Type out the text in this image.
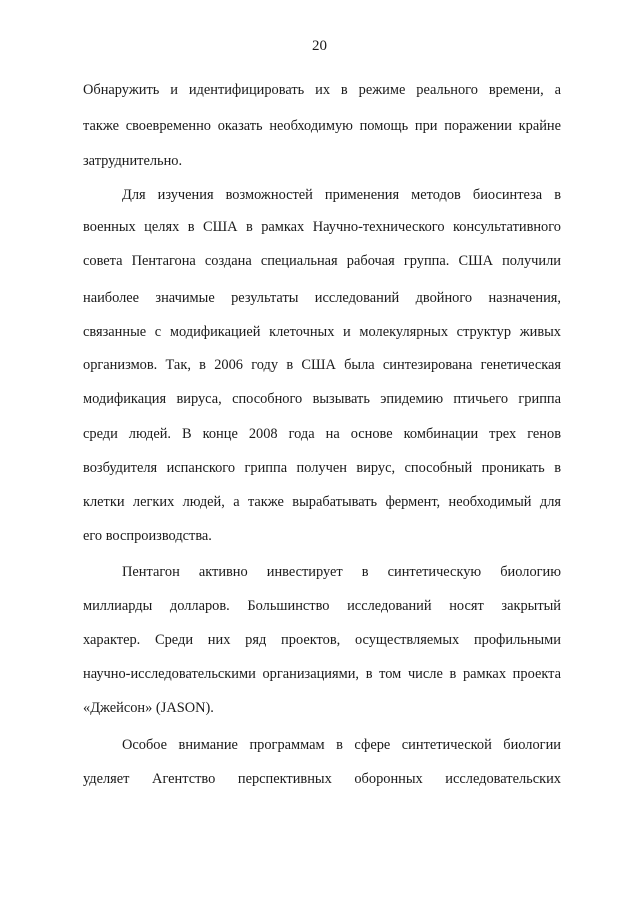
20
Обнаружить и идентифицировать их в режиме реального времени, а
также своевременно оказать необходимую помощь при поражении крайне
затруднительно.
Для изучения возможностей применения методов биосинтеза в
военных целях в США в рамках Научно-технического консультативного
совета Пентагона создана специальная рабочая группа. США получили
наиболее значимые результаты исследований двойного назначения,
связанные с модификацией клеточных и молекулярных структур живых
организмов. Так, в 2006 году в США была синтезирована генетическая
модификация вируса, способного вызывать эпидемию птичьего гриппа
среди людей. В конце 2008 года на основе комбинации трех генов
возбудителя испанского гриппа получен вирус, способный проникать в
клетки легких людей, а также вырабатывать фермент, необходимый для
его воспроизводства.
Пентагон активно инвестирует в синтетическую биологию
миллиарды долларов. Большинство исследований носят закрытый
характер. Среди них ряд проектов, осуществляемых профильными
научно-исследовательскими организациями, в том числе в рамках проекта
«Джейсон» (JASON).
Особое внимание программам в сфере синтетической биологии
уделяет Агентство перспективных оборонных исследовательских
